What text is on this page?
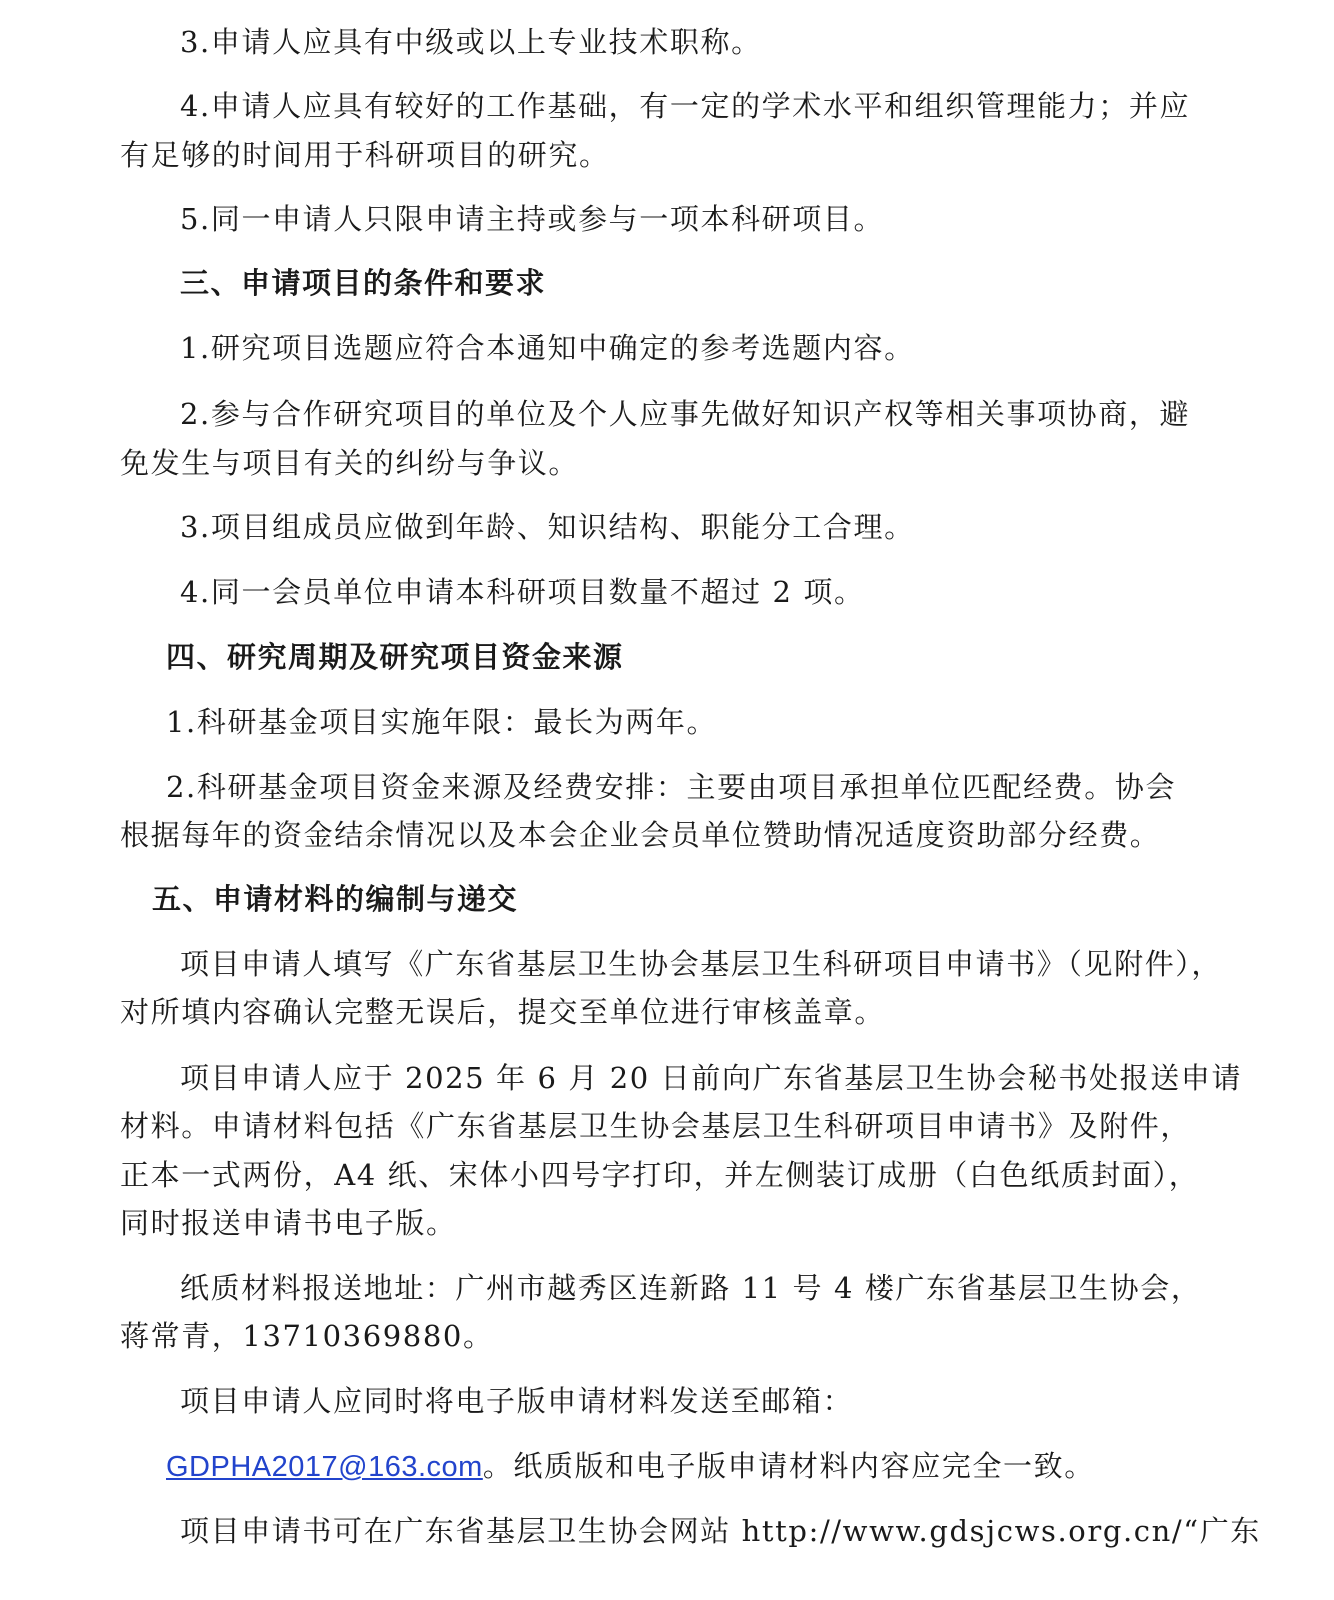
3.申请人应具有中级或以上专业技术职称。
4.申请人应具有较好的工作基础，有一定的学术水平和组织管理能力；并应
有足够的时间用于科研项目的研究。
5.同一申请人只限申请主持或参与一项本科研项目。
三、申请项目的条件和要求
1.研究项目选题应符合本通知中确定的参考选题内容。
2.参与合作研究项目的单位及个人应事先做好知识产权等相关事项协商，避
免发生与项目有关的纠纷与争议。
3.项目组成员应做到年龄、知识结构、职能分工合理。
4.同一会员单位申请本科研项目数量不超过 2 项。
四、研究周期及研究项目资金来源
1.科研基金项目实施年限：最长为两年。
2.科研基金项目资金来源及经费安排：主要由项目承担单位匹配经费。协会
根据每年的资金结余情况以及本会企业会员单位赞助情况适度资助部分经费。
五、申请材料的编制与递交
项目申请人填写《广东省基层卫生协会基层卫生科研项目申请书》（见附件），
对所填内容确认完整无误后，提交至单位进行审核盖章。
项目申请人应于 2025 年 6 月 20 日前向广东省基层卫生协会秘书处报送申请
材料。申请材料包括《广东省基层卫生协会基层卫生科研项目申请书》及附件，
正本一式两份，A4 纸、宋体小四号字打印，并左侧装订成册（白色纸质封面），
同时报送申请书电子版。
纸质材料报送地址：广州市越秀区连新路 11 号 4 楼广东省基层卫生协会，
蒋常青，13710369880。
项目申请人应同时将电子版申请材料发送至邮箱：
GDPHA2017@163.com。纸质版和电子版申请材料内容应完全一致。
项目申请书可在广东省基层卫生协会网站 http://www.gdsjcws.org.cn/“广东
